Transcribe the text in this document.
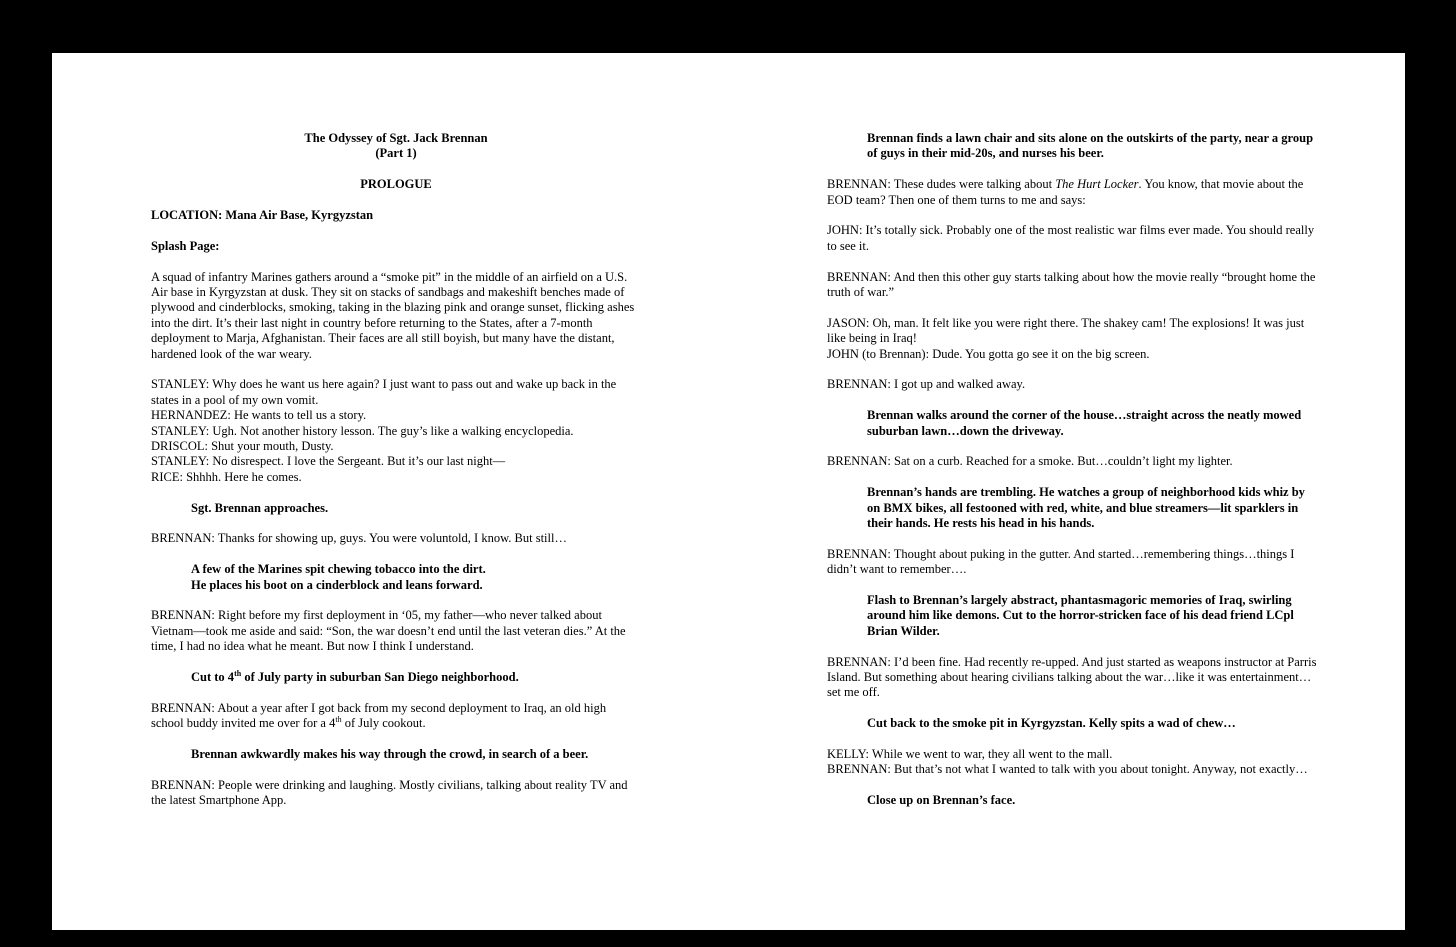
The Odyssey of Sgt. Jack Brennan

(Part 1)

PROLOGUE

LOCATION: Mana Air Base, Kyrgyzstan

Splash Page:

A squad of infantry Marines gathers around a “smoke pit” in the middle of an airfield on a U.S. Air base in Kyrgyzstan at dusk. They sit on stacks of sandbags and makeshift benches made of plywood and cinderblocks, smoking, taking in the blazing pink and orange sunset, flicking ashes into the dirt. It’s their last night in country before returning to the States, after a 7-month deployment to Marja, Afghanistan. Their faces are all still boyish, but many have the distant, hardened look of the war weary.

STANLEY: Why does he want us here again? I just want to pass out and wake up back in the states in a pool of my own vomit.

HERNANDEZ: He wants to tell us a story.

STANLEY: Ugh. Not another history lesson. The guy’s like a walking encyclopedia.

DRISCOL: Shut your mouth, Dusty.

STANLEY: No disrespect. I love the Sergeant. But it’s our last night—

RICE: Shhhh. Here he comes.

Sgt. Brennan approaches.

BRENNAN: Thanks for showing up, guys. You were voluntold, I know. But still…

A few of the Marines spit chewing tobacco into the dirt.

He places his boot on a cinderblock and leans forward.

BRENNAN: Right before my first deployment in ‘05, my father—who never talked about Vietnam—took me aside and said: “Son, the war doesn’t end until the last veteran dies.” At the time, I had no idea what he meant. But now I think I understand.

Cut to 4th of July party in suburban San Diego neighborhood.

BRENNAN: About a year after I got back from my second deployment to Iraq, an old high school buddy invited me over for a 4th of July cookout.

Brennan awkwardly makes his way through the crowd, in search of a beer.

BRENNAN: People were drinking and laughing. Mostly civilians, talking about reality TV and the latest Smartphone App.

Brennan finds a lawn chair and sits alone on the outskirts of the party, near a group of guys in their mid-20s, and nurses his beer.

BRENNAN: These dudes were talking about The Hurt Locker. You know, that movie about the EOD team? Then one of them turns to me and says:

JOHN: It’s totally sick. Probably one of the most realistic war films ever made. You should really to see it.

BRENNAN: And then this other guy starts talking about how the movie really “brought home the truth of war.”

JASON: Oh, man. It felt like you were right there. The shakey cam! The explosions! It was just like being in Iraq!

JOHN (to Brennan): Dude. You gotta go see it on the big screen.

BRENNAN: I got up and walked away.

Brennan walks around the corner of the house…straight across the neatly mowed suburban lawn…down the driveway.

BRENNAN: Sat on a curb. Reached for a smoke. But…couldn’t light my lighter.

Brennan’s hands are trembling. He watches a group of neighborhood kids whiz by on BMX bikes, all festooned with red, white, and blue streamers—lit sparklers in their hands. He rests his head in his hands.

BRENNAN: Thought about puking in the gutter. And started…remembering things…things I didn’t want to remember….

Flash to Brennan’s largely abstract, phantasmagoric memories of Iraq, swirling around him like demons. Cut to the horror-stricken face of his dead friend LCpl Brian Wilder.

BRENNAN: I’d been fine. Had recently re-upped. And just started as weapons instructor at Parris Island. But something about hearing civilians talking about the war…like it was entertainment…set me off.

Cut back to the smoke pit in Kyrgyzstan. Kelly spits a wad of chew…

KELLY: While we went to war, they all went to the mall.

BRENNAN: But that’s not what I wanted to talk with you about tonight. Anyway, not exactly…

Close up on Brennan’s face.
